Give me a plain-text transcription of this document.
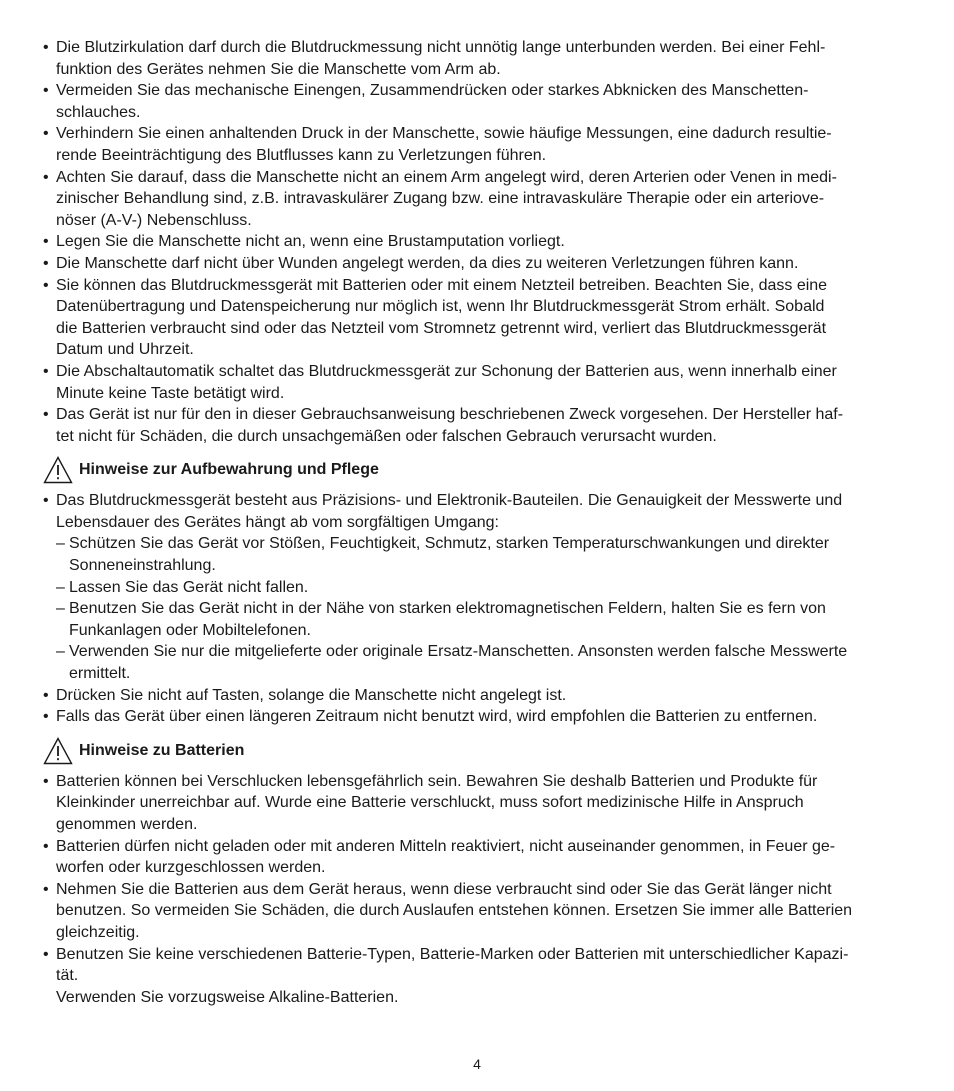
• Die Blutzirkulation darf durch die Blutdruckmessung nicht unnötig lange unterbunden werden. Bei einer Fehl-
funktion des Gerätes nehmen Sie die Manschette vom Arm ab.
• Vermeiden Sie das mechanische Einengen, Zusammendrücken oder starkes Abknicken des Manschetten-
schlauches.
• Verhindern Sie einen anhaltenden Druck in der Manschette, sowie häufige Messungen, eine dadurch resultie-
rende Beeinträchtigung des Blutflusses kann zu Verletzungen führen.
• Achten Sie darauf, dass die Manschette nicht an einem Arm angelegt wird, deren Arterien oder Venen in medi-
zinischer Behandlung sind, z.B. intravaskulärer Zugang bzw. eine intravaskuläre Therapie oder ein arteriove-
nöser (A-V-) Nebenschluss.
• Legen Sie die Manschette nicht an, wenn eine Brustamputation vorliegt.
• Die Manschette darf nicht über Wunden angelegt werden, da dies zu weiteren Verletzungen führen kann.
• Sie können das Blutdruckmessgerät mit Batterien oder mit einem Netzteil betreiben. Beachten Sie, dass eine
Datenübertragung und Datenspeicherung nur möglich ist, wenn Ihr Blutdruckmessgerät Strom erhält. Sobald
die Batterien verbraucht sind oder das Netzteil vom Stromnetz getrennt wird, verliert das Blutdruckmessgerät
Datum und Uhrzeit.
• Die Abschaltautomatik schaltet das Blutdruckmessgerät zur Schonung der Batterien aus, wenn innerhalb einer
Minute keine Taste betätigt wird.
• Das Gerät ist nur für den in dieser Gebrauchsanweisung beschriebenen Zweck vorgesehen. Der Hersteller haf-
tet nicht für Schäden, die durch unsachgemäßen oder falschen Gebrauch verursacht wurden.
Hinweise zur Aufbewahrung und Pflege
• Das Blutdruckmessgerät besteht aus Präzisions- und Elektronik-Bauteilen. Die Genauigkeit der Messwerte und
Lebensdauer des Gerätes hängt ab vom sorgfältigen Umgang:
– Schützen Sie das Gerät vor Stößen, Feuchtigkeit, Schmutz, starken Temperaturschwankungen und direkter
Sonneneinstrahlung.
– Lassen Sie das Gerät nicht fallen.
– Benutzen Sie das Gerät nicht in der Nähe von starken elektromagnetischen Feldern, halten Sie es fern von
Funkanlagen oder Mobiltelefonen.
– Verwenden Sie nur die mitgelieferte oder originale Ersatz-Manschetten. Ansonsten werden falsche Messwerte
ermittelt.
• Drücken Sie nicht auf Tasten, solange die Manschette nicht angelegt ist.
• Falls das Gerät über einen längeren Zeitraum nicht benutzt wird, wird empfohlen die Batterien zu entfernen.
Hinweise zu Batterien
• Batterien können bei Verschlucken lebensgefährlich sein. Bewahren Sie deshalb Batterien und Produkte für
Kleinkinder unerreichbar auf. Wurde eine Batterie verschluckt, muss sofort medizinische Hilfe in Anspruch
genommen werden.
• Batterien dürfen nicht geladen oder mit anderen Mitteln reaktiviert, nicht auseinander genommen, in Feuer ge-
worfen oder kurzgeschlossen werden.
• Nehmen Sie die Batterien aus dem Gerät heraus, wenn diese verbraucht sind oder Sie das Gerät länger nicht
benutzen. So vermeiden Sie Schäden, die durch Auslaufen entstehen können. Ersetzen Sie immer alle Batterien
gleichzeitig.
• Benutzen Sie keine verschiedenen Batterie-Typen, Batterie-Marken oder Batterien mit unterschiedlicher Kapazi-
tät.
Verwenden Sie vorzugsweise Alkaline-Batterien.
4
